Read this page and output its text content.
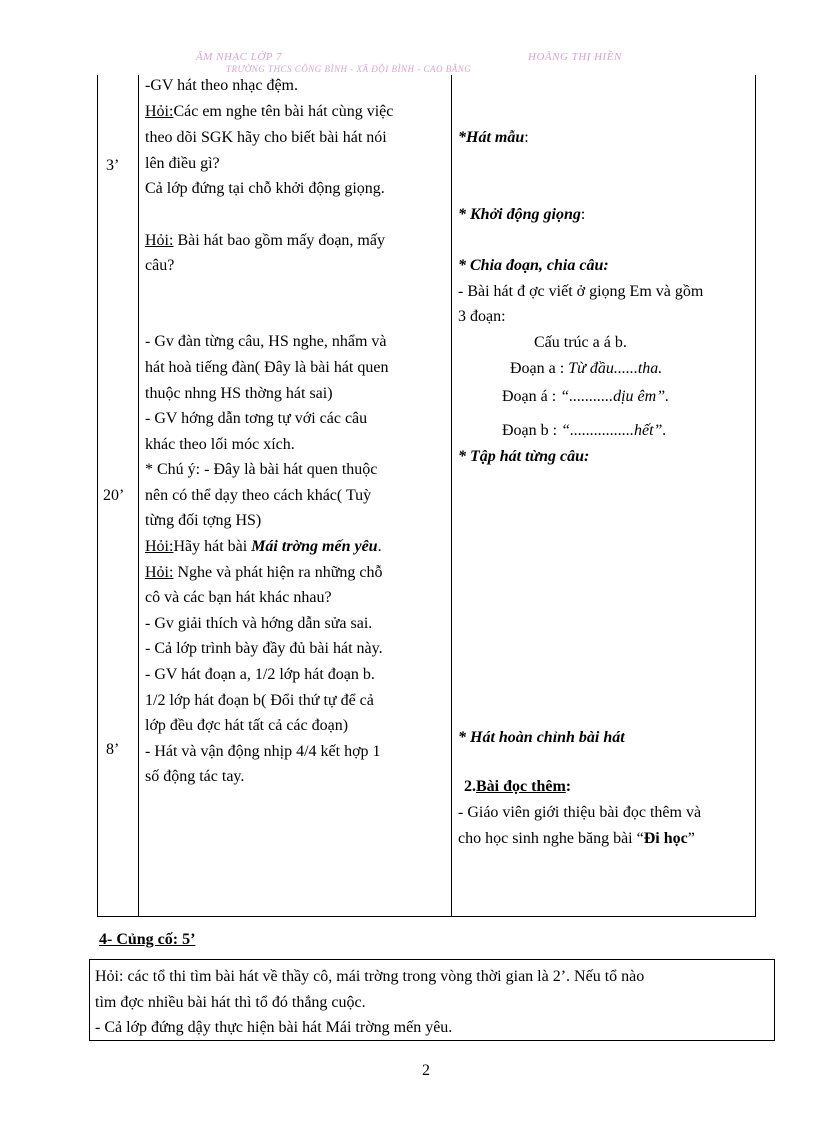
ÂM NHẠC LỚP 7	HOÀNG THỊ HIỀN
TRƯỜNG THCS CÔNG BÌNH - XÃ ĐỘI BÌNH - CAO BẰNG
3’
20’
8’
-GV hát theo nhạc đệm.
Hỏi:Các em nghe tên bài hát cùng việc
theo dõi SGK hãy cho biết bài hát nói
lên điều gì?
Cả lớp đứng tại chỗ khởi động giọng.
Hỏi: Bài hát bao gồm mấy đoạn, mấy
câu?
- Gv đàn từng câu, HS nghe, nhẩm và
hát hoà tiếng đàn( Đây là bài hát quen
thuộc nhng HS thờng hát sai)
- GV hớng dẫn tơng tự với các câu
khác theo lối móc xích.
* Chú ý: - Đây là bài hát quen thuộc
nên có thể dạy theo cách khác( Tuỳ
từng đối tợng HS)
Hỏi:Hãy hát bài Mái trờng mến yêu.
Hỏi: Nghe và phát hiện ra những chỗ
cô và các bạn hát khác nhau?
- Gv giải thích và hớng dẫn sửa sai.
- Cả lớp trình bày đầy đủ bài hát này.
- GV hát đoạn a, 1/2 lớp hát đoạn b.
1/2 lớp hát đoạn b( Đổi thứ tự để cả
lớp đều đợc hát tất cả các đoạn)
- Hát và vận động nhịp 4/4 kết hợp 1
số động tác tay.
*Hát mẫu:
* Khởi động giọng:
* Chia đoạn, chia câu:
- Bài hát đ ợc viết ở giọng Em và gồm
3 đoạn:
Cấu trúc a á b.
Đoạn a : Từ đầu......tha.
Đoạn á : “...........dịu êm”.
Đoạn b : “................hết”.
* Tập hát từng câu:
* Hát hoàn chỉnh bài hát
2.Bài đọc thêm:
- Giáo viên giới thiệu bài đọc thêm và
cho học sinh nghe băng bài “Đi học”
4- Củng cố: 5’
Hỏi: các tổ thi tìm bài hát về thầy cô, mái trờng trong vòng thời gian là 2’. Nếu tổ nào
tìm đợc nhiều bài hát thì tổ đó thắng cuộc.
- Cả lớp đứng dậy thực hiện bài hát Mái trờng mến yêu.
2
